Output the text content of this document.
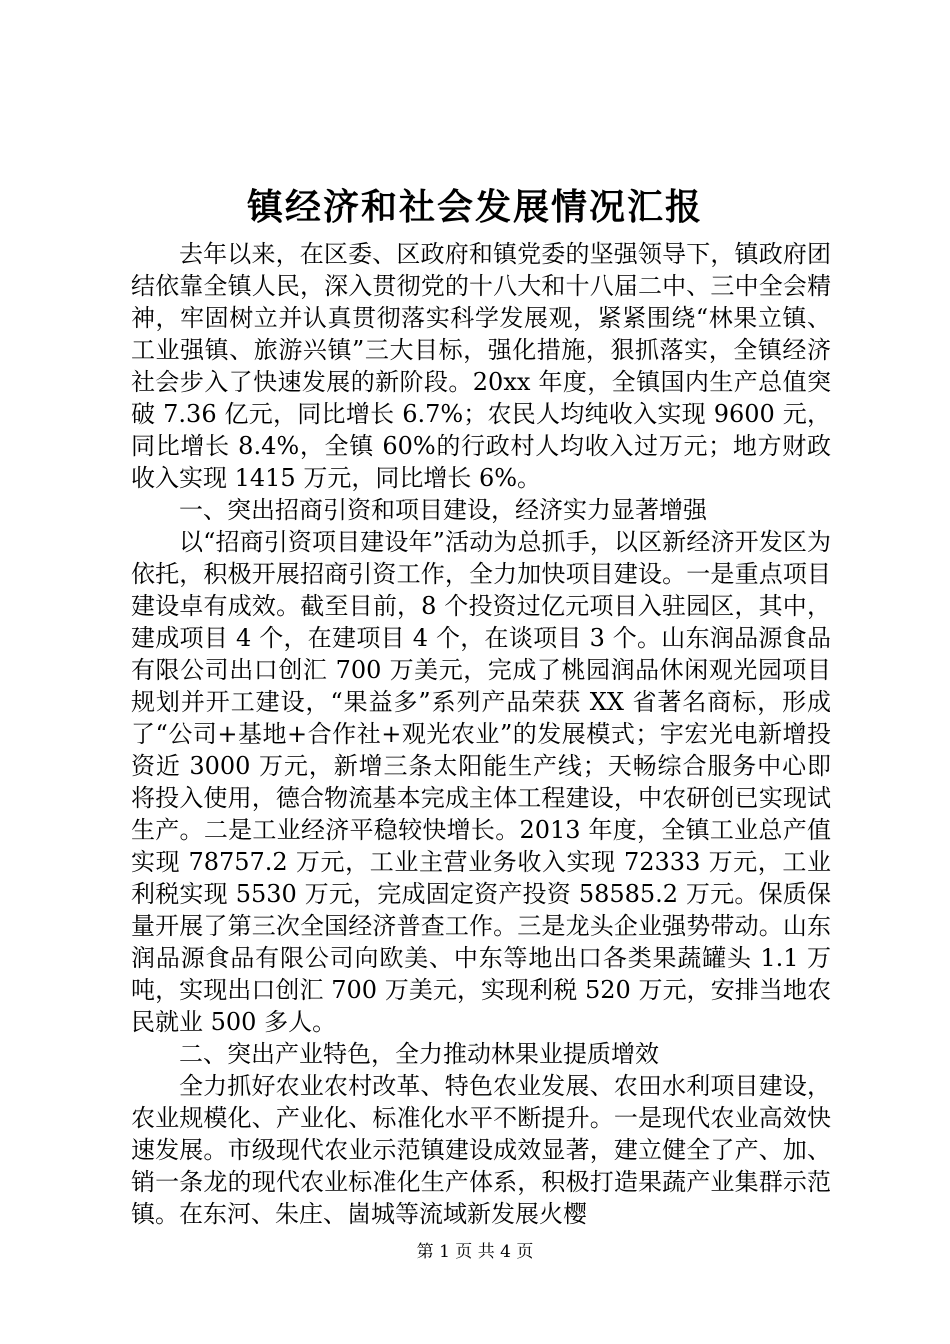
镇经济和社会发展情况汇报

去年以来，在区委、区政府和镇党委的坚强领导下，镇政府团结依靠全镇人民，深入贯彻党的十八大和十八届二中、三中全会精神，牢固树立并认真贯彻落实科学发展观，紧紧围绕“林果立镇、工业强镇、旅游兴镇”三大目标，强化措施，狠抓落实，全镇经济社会步入了快速发展的新阶段。20xx 年度，全镇国内生产总值突破 7.36 亿元，同比增长 6.7%；农民人均纯收入实现 9600 元，同比增长 8.4%，全镇 60%的行政村人均收入过万元；地方财政收入实现 1415 万元，同比增长 6%。

一、突出招商引资和项目建设，经济实力显著增强

以“招商引资项目建设年”活动为总抓手，以区新经济开发区为依托，积极开展招商引资工作，全力加快项目建设。一是重点项目建设卓有成效。截至目前，8 个投资过亿元项目入驻园区，其中，建成项目 4 个，在建项目 4 个，在谈项目 3 个。山东润品源食品有限公司出口创汇 700 万美元，完成了桃园润品休闲观光园项目规划并开工建设，“果益多”系列产品荣获 XX 省著名商标，形成了“公司+基地+合作社+观光农业”的发展模式；宇宏光电新增投资近 3000 万元，新增三条太阳能生产线；天畅综合服务中心即将投入使用，德合物流基本完成主体工程建设，中农研创已实现试生产。二是工业经济平稳较快增长。2013 年度，全镇工业总产值实现 78757.2 万元，工业主营业务收入实现 72333 万元，工业利税实现 5530 万元，完成固定资产投资 58585.2 万元。保质保量开展了第三次全国经济普查工作。三是龙头企业强势带动。山东润品源食品有限公司向欧美、中东等地出口各类果蔬罐头 1.1 万吨，实现出口创汇 700 万美元，实现利税 520 万元，安排当地农民就业 500 多人。

二、突出产业特色，全力推动林果业提质增效

全力抓好农业农村改革、特色农业发展、农田水利项目建设，农业规模化、产业化、标准化水平不断提升。一是现代农业高效快速发展。市级现代农业示范镇建设成效显著，建立健全了产、加、销一条龙的现代农业标准化生产体系，积极打造果蔬产业集群示范镇。在东河、朱庄、崮城等流域新发展火樱

第 1 页 共 4 页
